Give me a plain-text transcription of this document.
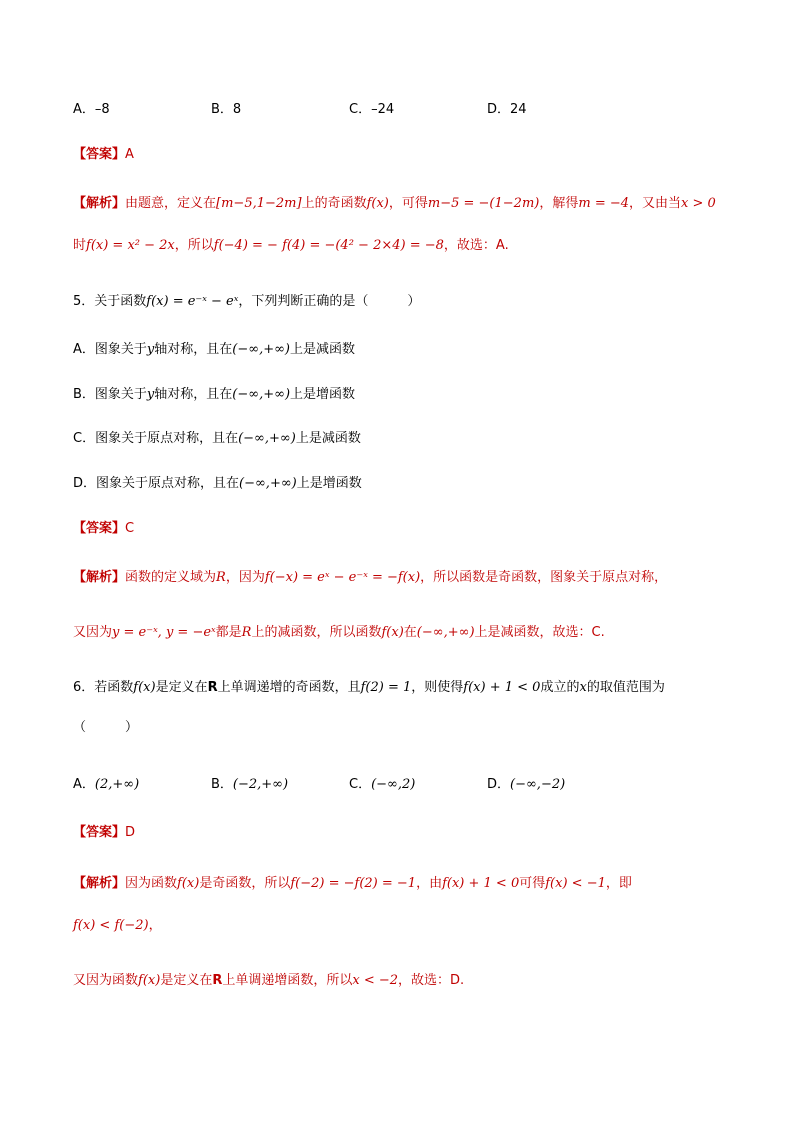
A．–8	B．8	C．–24	D．24
【答案】A
【解析】由题意，定义在[m−5,1−2m]上的奇函数f(x)，可得m−5 = −(1−2m)，解得m = −4，又由当x > 0
时f(x) = x² − 2x，所以f(−4) = − f(4) = −(4² − 2×4) = −8，故选：A.
5．关于函数f(x) = e⁻ˣ − eˣ，下列判断正确的是（　　　）
A．图象关于y轴对称，且在(−∞,+∞)上是减函数
B．图象关于y轴对称，且在(−∞,+∞)上是增函数
C．图象关于原点对称，且在(−∞,+∞)上是减函数
D．图象关于原点对称，且在(−∞,+∞)上是增函数
【答案】C
【解析】函数的定义域为R，因为f(−x) = eˣ − e⁻ˣ = −f(x)，所以函数是奇函数，图象关于原点对称，
又因为y = e⁻ˣ, y = −eˣ都是R上的减函数，所以函数f(x)在(−∞,+∞)上是减函数，故选：C.
6．若函数f(x)是定义在R上单调递增的奇函数，且f(2) = 1，则使得f(x) + 1 < 0成立的x的取值范围为
（　　　）
A．(2,+∞)	B．(−2,+∞)	C．(−∞,2)	D．(−∞,−2)
【答案】D
【解析】因为函数f(x)是奇函数，所以f(−2) = −f(2) = −1，由f(x) + 1 < 0可得f(x) < −1，即
f(x) < f(−2)，
又因为函数f(x)是定义在R上单调递增函数，所以x < −2，故选：D.
